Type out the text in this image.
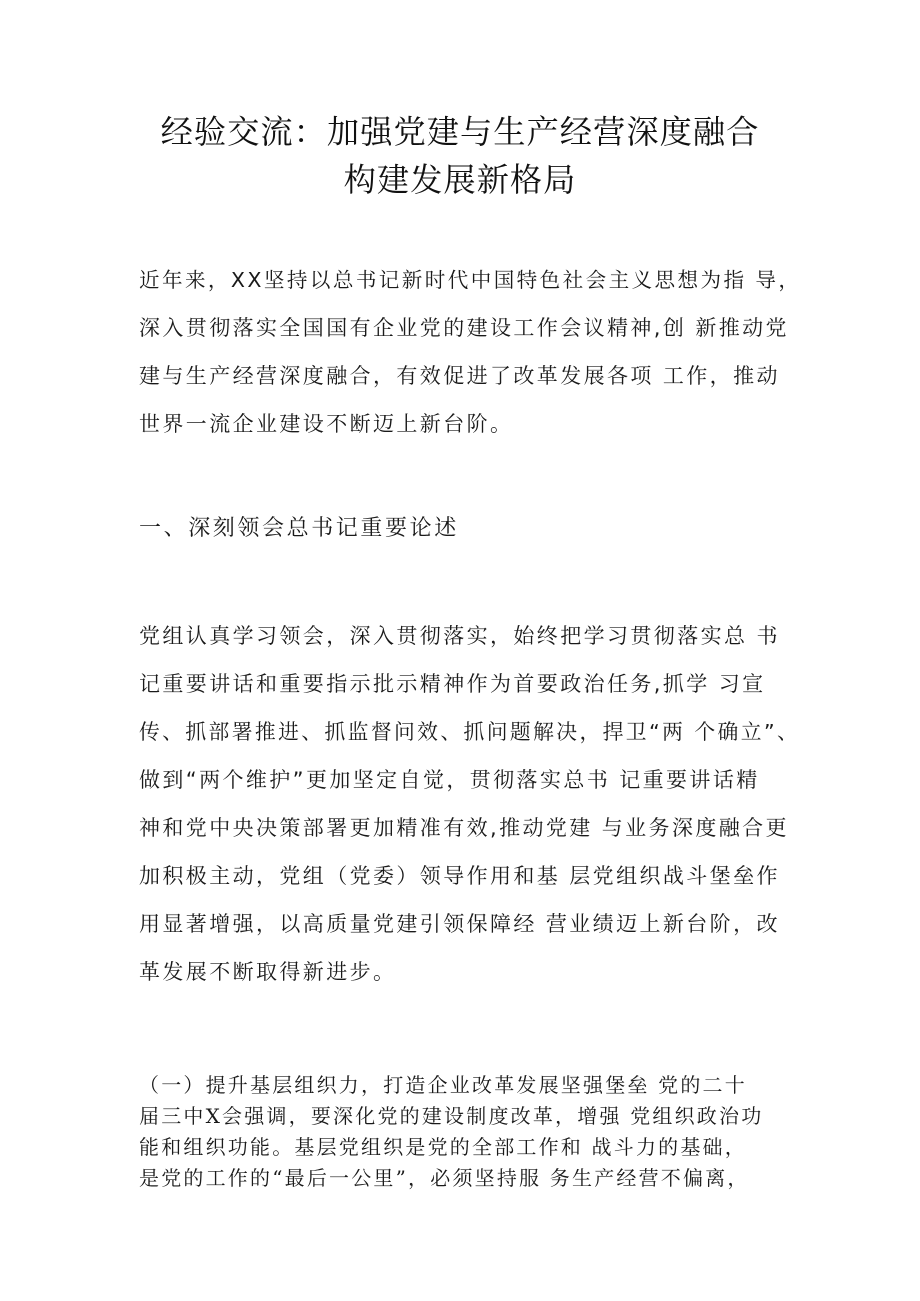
经验交流：加强党建与生产经营深度融合
构建发展新格局
近年来，XX坚持以总书记新时代中国特色社会主义思想为指 导，
深入贯彻落实全国国有企业党的建设工作会议精神,创 新推动党
建与生产经营深度融合，有效促进了改革发展各项 工作，推动
世界一流企业建设不断迈上新台阶。
一、深刻领会总书记重要论述
党组认真学习领会，深入贯彻落实，始终把学习贯彻落实总 书
记重要讲话和重要指示批示精神作为首要政治任务,抓学 习宣
传、抓部署推进、抓监督问效、抓问题解决，捍卫“两 个确立”、
做到“两个维护”更加坚定自觉，贯彻落实总书 记重要讲话精
神和党中央决策部署更加精准有效,推动党建 与业务深度融合更
加积极主动，党组（党委）领导作用和基 层党组织战斗堡垒作
用显著增强，以高质量党建引领保障经 营业绩迈上新台阶，改
革发展不断取得新进步。
（一）提升基层组织力，打造企业改革发展坚强堡垒 党的二十
届三中X会强调，要深化党的建设制度改革，增强 党组织政治功
能和组织功能。基层党组织是党的全部工作和 战斗力的基础，
是党的工作的“最后一公里”，必须坚持服 务生产经营不偏离，
